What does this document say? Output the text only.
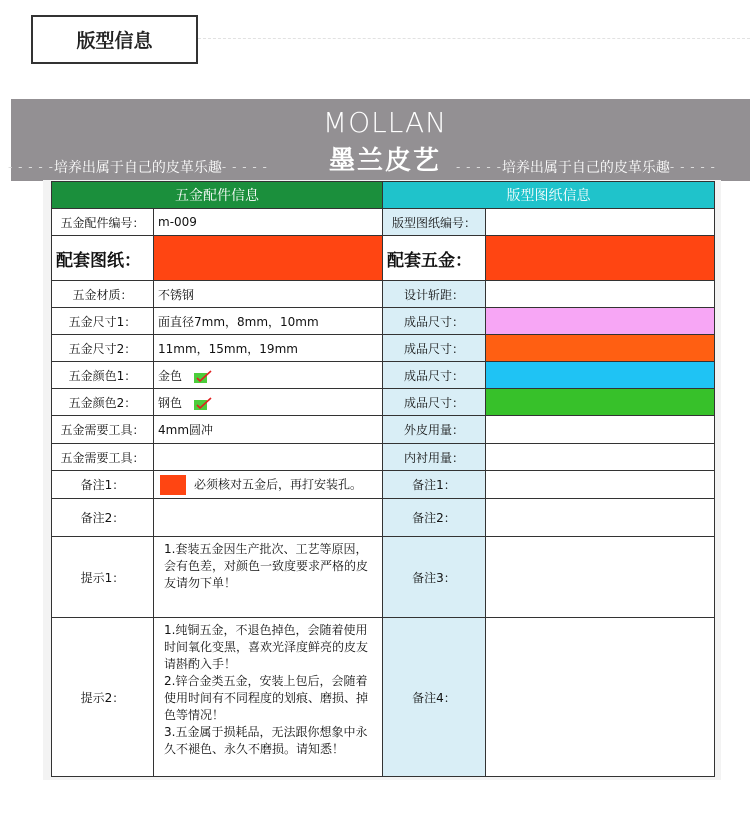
版型信息
MOLLAN
墨兰皮艺
- - - - - 培养出属于自己的皮革乐趣 - - - - -	- - - - - 培养出属于自己的皮革乐趣 - - - - -
五金配件信息		版型图纸信息	
五金配件编号：	m-009	版型图纸编号：	
配套图纸：		配套五金：	
五金材质：	不锈钢	设计斩距：	
五金尺寸1：	面直径7mm，8mm，10mm	成品尺寸：	
五金尺寸2：	11mm，15mm，19mm	成品尺寸：	
五金颜色1：	金色	成品尺寸：	
五金颜色2：	钢色	成品尺寸：	
五金需要工具：	4mm圆冲	外皮用量：	
五金需要工具：		内衬用量：	
备注1：	必须核对五金后，再打安装孔。	备注1：	
备注2：		备注2：	
提示1：	1.套装五金因生产批次、工艺等原因，会有色差，对颜色一致度要求严格的皮友请勿下单！	备注3：	
提示2：	1.纯铜五金，不退色掉色，会随着使用时间氧化变黑，喜欢光泽度鲜亮的皮友请斟酌入手！
2.锌合金类五金，安装上包后，会随着使用时间有不同程度的划痕、磨损、掉色等情况！
3.五金属于损耗品，无法跟你想象中永久不褪色、永久不磨损。请知悉！	备注4：	
